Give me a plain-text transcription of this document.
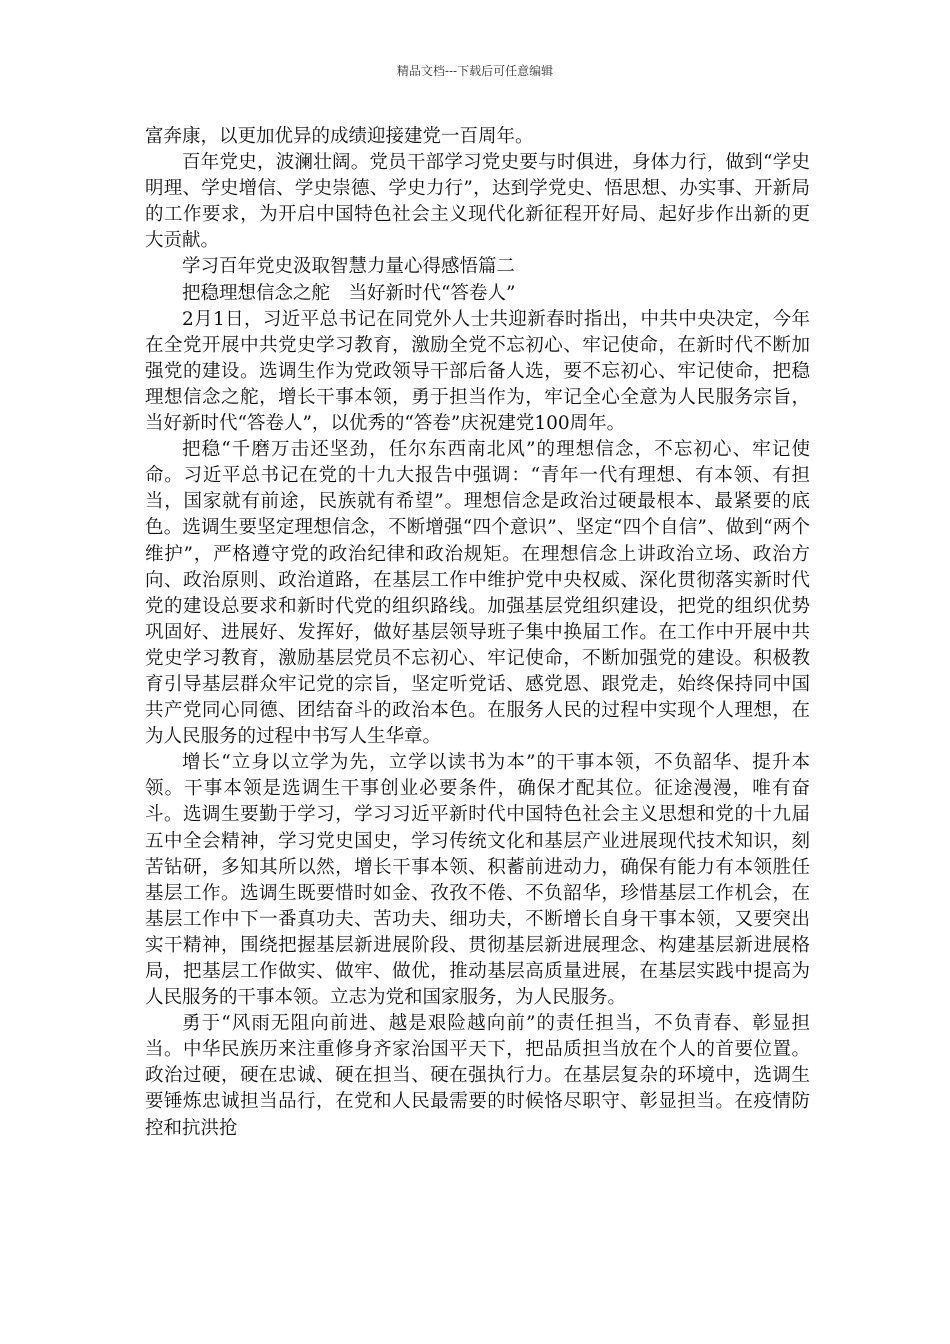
精品文档---下载后可任意编辑

富奔康，以更加优异的成绩迎接建党一百周年。

百年党史，波澜壮阔。党员干部学习党史要与时俱进，身体力行，做到“学史明理、学史增信、学史崇德、学史力行”，达到学党史、悟思想、办实事、开新局的工作要求，为开启中国特色社会主义现代化新征程开好局、起好步作出新的更大贡献。

学习百年党史汲取智慧力量心得感悟篇二

把稳理想信念之舵　当好新时代“答卷人”

2月1日，习近平总书记在同党外人士共迎新春时指出，中共中央决定，今年在全党开展中共党史学习教育，激励全党不忘初心、牢记使命，在新时代不断加强党的建设。选调生作为党政领导干部后备人选，要不忘初心、牢记使命，把稳理想信念之舵，增长干事本领，勇于担当作为，牢记全心全意为人民服务宗旨，当好新时代“答卷人”，以优秀的“答卷”庆祝建党100周年。

把稳“千磨万击还坚劲，任尔东西南北风”的理想信念，不忘初心、牢记使命。习近平总书记在党的十九大报告中强调：“青年一代有理想、有本领、有担当，国家就有前途，民族就有希望”。理想信念是政治过硬最根本、最紧要的底色。选调生要坚定理想信念，不断增强“四个意识”、坚定“四个自信”、做到“两个维护”，严格遵守党的政治纪律和政治规矩。在理想信念上讲政治立场、政治方向、政治原则、政治道路，在基层工作中维护党中央权威、深化贯彻落实新时代党的建设总要求和新时代党的组织路线。加强基层党组织建设，把党的组织优势巩固好、进展好、发挥好，做好基层领导班子集中换届工作。在工作中开展中共党史学习教育，激励基层党员不忘初心、牢记使命，不断加强党的建设。积极教育引导基层群众牢记党的宗旨，坚定听党话、感党恩、跟党走，始终保持同中国共产党同心同德、团结奋斗的政治本色。在服务人民的过程中实现个人理想，在为人民服务的过程中书写人生华章。

增长“立身以立学为先，立学以读书为本”的干事本领，不负韶华、提升本领。干事本领是选调生干事创业必要条件，确保才配其位。征途漫漫，唯有奋斗。选调生要勤于学习，学习习近平新时代中国特色社会主义思想和党的十九届五中全会精神，学习党史国史，学习传统文化和基层产业进展现代技术知识，刻苦钻研，多知其所以然，增长干事本领、积蓄前进动力，确保有能力有本领胜任基层工作。选调生既要惜时如金、孜孜不倦、不负韶华，珍惜基层工作机会，在基层工作中下一番真功夫、苦功夫、细功夫，不断增长自身干事本领，又要突出实干精神，围绕把握基层新进展阶段、贯彻基层新进展理念、构建基层新进展格局，把基层工作做实、做牢、做优，推动基层高质量进展，在基层实践中提高为人民服务的干事本领。立志为党和国家服务，为人民服务。

勇于“风雨无阻向前进、越是艰险越向前”的责任担当，不负青春、彰显担当。中华民族历来注重修身齐家治国平天下，把品质担当放在个人的首要位置。政治过硬，硬在忠诚、硬在担当、硬在强执行力。在基层复杂的环境中，选调生要锤炼忠诚担当品行，在党和人民最需要的时候恪尽职守、彰显担当。在疫情防控和抗洪抢
